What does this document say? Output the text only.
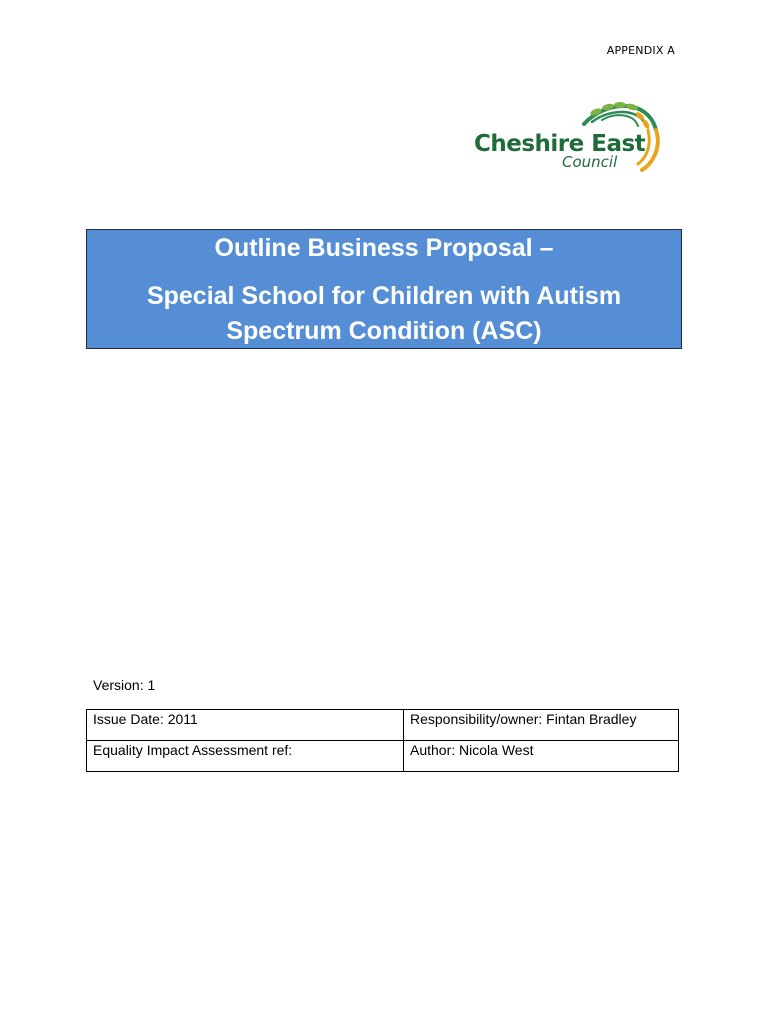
APPENDIX A
Cheshire East
Council
Outline Business Proposal –
Special School for Children with Autism Spectrum Condition (ASC)
Version: 1
Issue Date: 2011	Responsibility/owner: Fintan Bradley
Equality Impact Assessment ref:	Author: Nicola West
